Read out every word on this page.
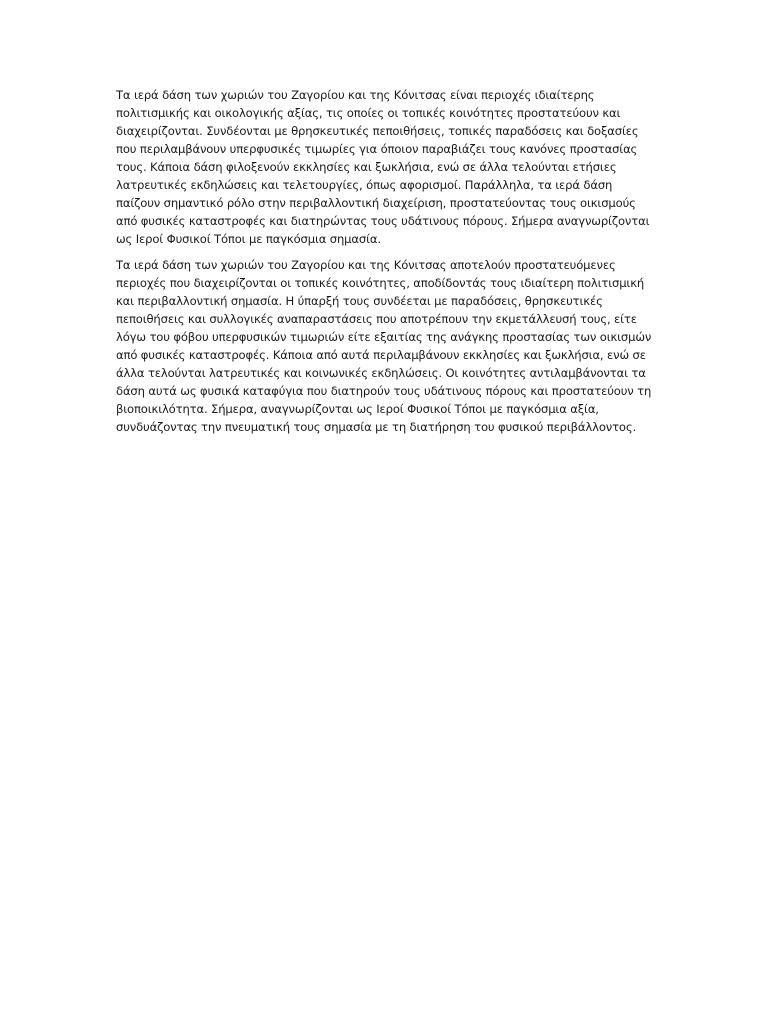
Τα ιερά δάση των χωριών του Ζαγορίου και της Κόνιτσας είναι περιοχές ιδιαίτερης πολιτισμικής και οικολογικής αξίας, τις οποίες οι τοπικές κοινότητες προστατεύουν και διαχειρίζονται. Συνδέονται με θρησκευτικές πεποιθήσεις, τοπικές παραδόσεις και δοξασίες που περιλαμβάνουν υπερφυσικές τιμωρίες για όποιον παραβιάζει τους κανόνες προστασίας τους. Κάποια δάση φιλοξενούν εκκλησίες και ξωκλήσια, ενώ σε άλλα τελούνται ετήσιες λατρευτικές εκδηλώσεις και τελετουργίες, όπως αφορισμοί. Παράλληλα, τα ιερά δάση παίζουν σημαντικό ρόλο στην περιβαλλοντική διαχείριση, προστατεύοντας τους οικισμούς από φυσικές καταστροφές και διατηρώντας τους υδάτινους πόρους. Σήμερα αναγνωρίζονται ως Ιεροί Φυσικοί Τόποι με παγκόσμια σημασία.

Τα ιερά δάση των χωριών του Ζαγορίου και της Κόνιτσας αποτελούν προστατευόμενες περιοχές που διαχειρίζονται οι τοπικές κοινότητες, αποδίδοντάς τους ιδιαίτερη πολιτισμική και περιβαλλοντική σημασία. Η ύπαρξή τους συνδέεται με παραδόσεις, θρησκευτικές πεποιθήσεις και συλλογικές αναπαραστάσεις που αποτρέπουν την εκμετάλλευσή τους, είτε λόγω του φόβου υπερφυσικών τιμωριών είτε εξαιτίας της ανάγκης προστασίας των οικισμών από φυσικές καταστροφές. Κάποια από αυτά περιλαμβάνουν εκκλησίες και ξωκλήσια, ενώ σε άλλα τελούνται λατρευτικές και κοινωνικές εκδηλώσεις. Οι κοινότητες αντιλαμβάνονται τα δάση αυτά ως φυσικά καταφύγια που διατηρούν τους υδάτινους πόρους και προστατεύουν τη βιοποικιλότητα. Σήμερα, αναγνωρίζονται ως Ιεροί Φυσικοί Τόποι με παγκόσμια αξία, συνδυάζοντας την πνευματική τους σημασία με τη διατήρηση του φυσικού περιβάλλοντος.
